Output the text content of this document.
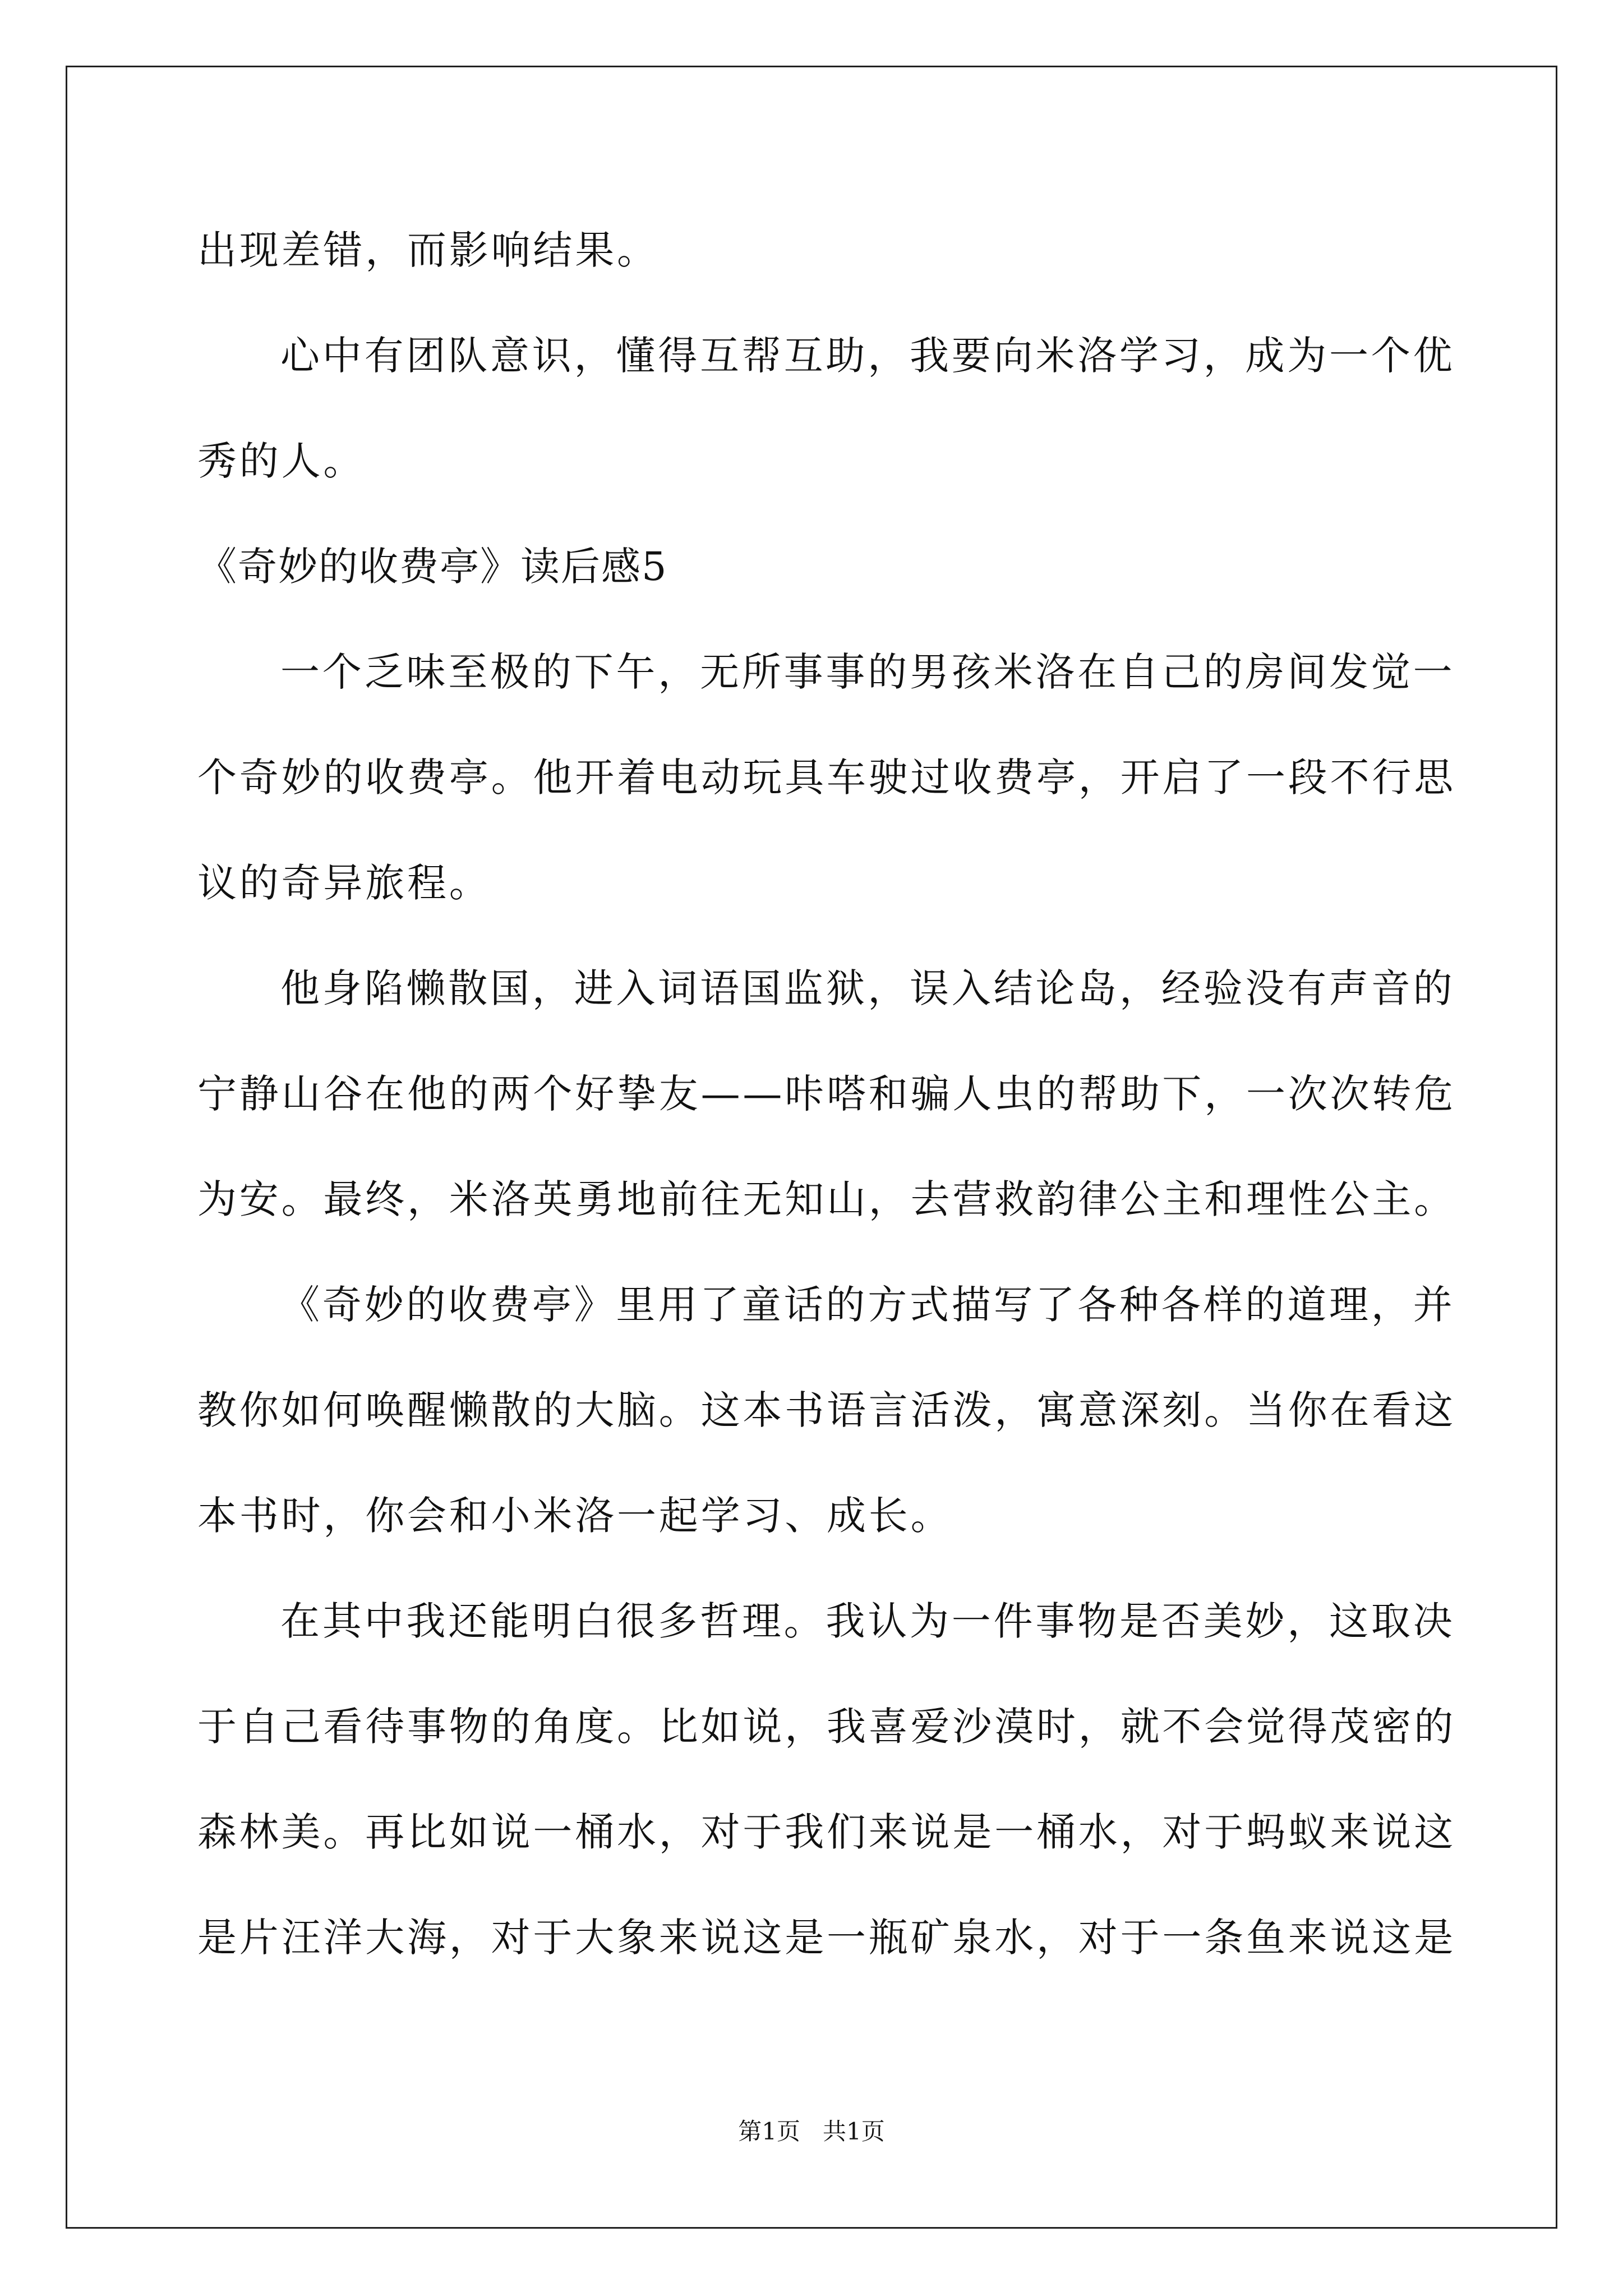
出现差错，而影响结果。
心中有团队意识，懂得互帮互助，我要向米洛学习，成为一个优
秀的人。
《奇妙的收费亭》读后感5
一个乏味至极的下午，无所事事的男孩米洛在自己的房间发觉一
个奇妙的收费亭。他开着电动玩具车驶过收费亭，开启了一段不行思
议的奇异旅程。
他身陷懒散国，进入词语国监狱，误入结论岛，经验没有声音的
宁静山谷在他的两个好挚友——咔嗒和骗人虫的帮助下，一次次转危
为安。最终，米洛英勇地前往无知山，去营救韵律公主和理性公主。
《奇妙的收费亭》里用了童话的方式描写了各种各样的道理，并
教你如何唤醒懒散的大脑。这本书语言活泼，寓意深刻。当你在看这
本书时，你会和小米洛一起学习、成长。
在其中我还能明白很多哲理。我认为一件事物是否美妙，这取决
于自己看待事物的角度。比如说，我喜爱沙漠时，就不会觉得茂密的
森林美。再比如说一桶水，对于我们来说是一桶水，对于蚂蚁来说这
是片汪洋大海，对于大象来说这是一瓶矿泉水，对于一条鱼来说这是
第1页   共1页
